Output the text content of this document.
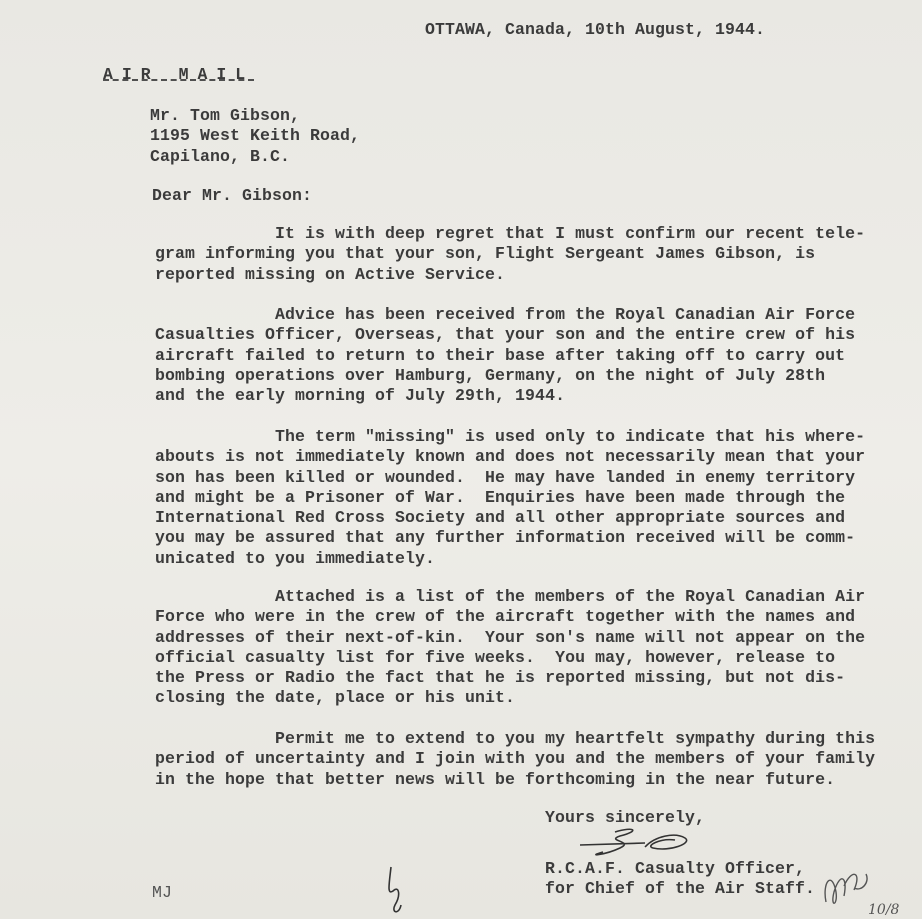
OTTAWA, Canada, 10th August, 1944.
AIR MAIL
Mr. Tom Gibson,
1195 West Keith Road,
Capilano, B.C.
Dear Mr. Gibson:
It is with deep regret that I must confirm our recent tele-
gram informing you that your son, Flight Sergeant James Gibson, is
reported missing on Active Service.
Advice has been received from the Royal Canadian Air Force
Casualties Officer, Overseas, that your son and the entire crew of his
aircraft failed to return to their base after taking off to carry out
bombing operations over Hamburg, Germany, on the night of July 28th
and the early morning of July 29th, 1944.
The term "missing" is used only to indicate that his where-
abouts is not immediately known and does not necessarily mean that your
son has been killed or wounded.  He may have landed in enemy territory
and might be a Prisoner of War.  Enquiries have been made through the
International Red Cross Society and all other appropriate sources and
you may be assured that any further information received will be comm-
unicated to you immediately.
Attached is a list of the members of the Royal Canadian Air
Force who were in the crew of the aircraft together with the names and
addresses of their next-of-kin.  Your son's name will not appear on the
official casualty list for five weeks.  You may, however, release to
the Press or Radio the fact that he is reported missing, but not dis-
closing the date, place or his unit.
Permit me to extend to you my heartfelt sympathy during this
period of uncertainty and I join with you and the members of your family
in the hope that better news will be forthcoming in the near future.
Yours sincerely,
R.C.A.F. Casualty Officer,
for Chief of the Air Staff.
10/8
MJ
